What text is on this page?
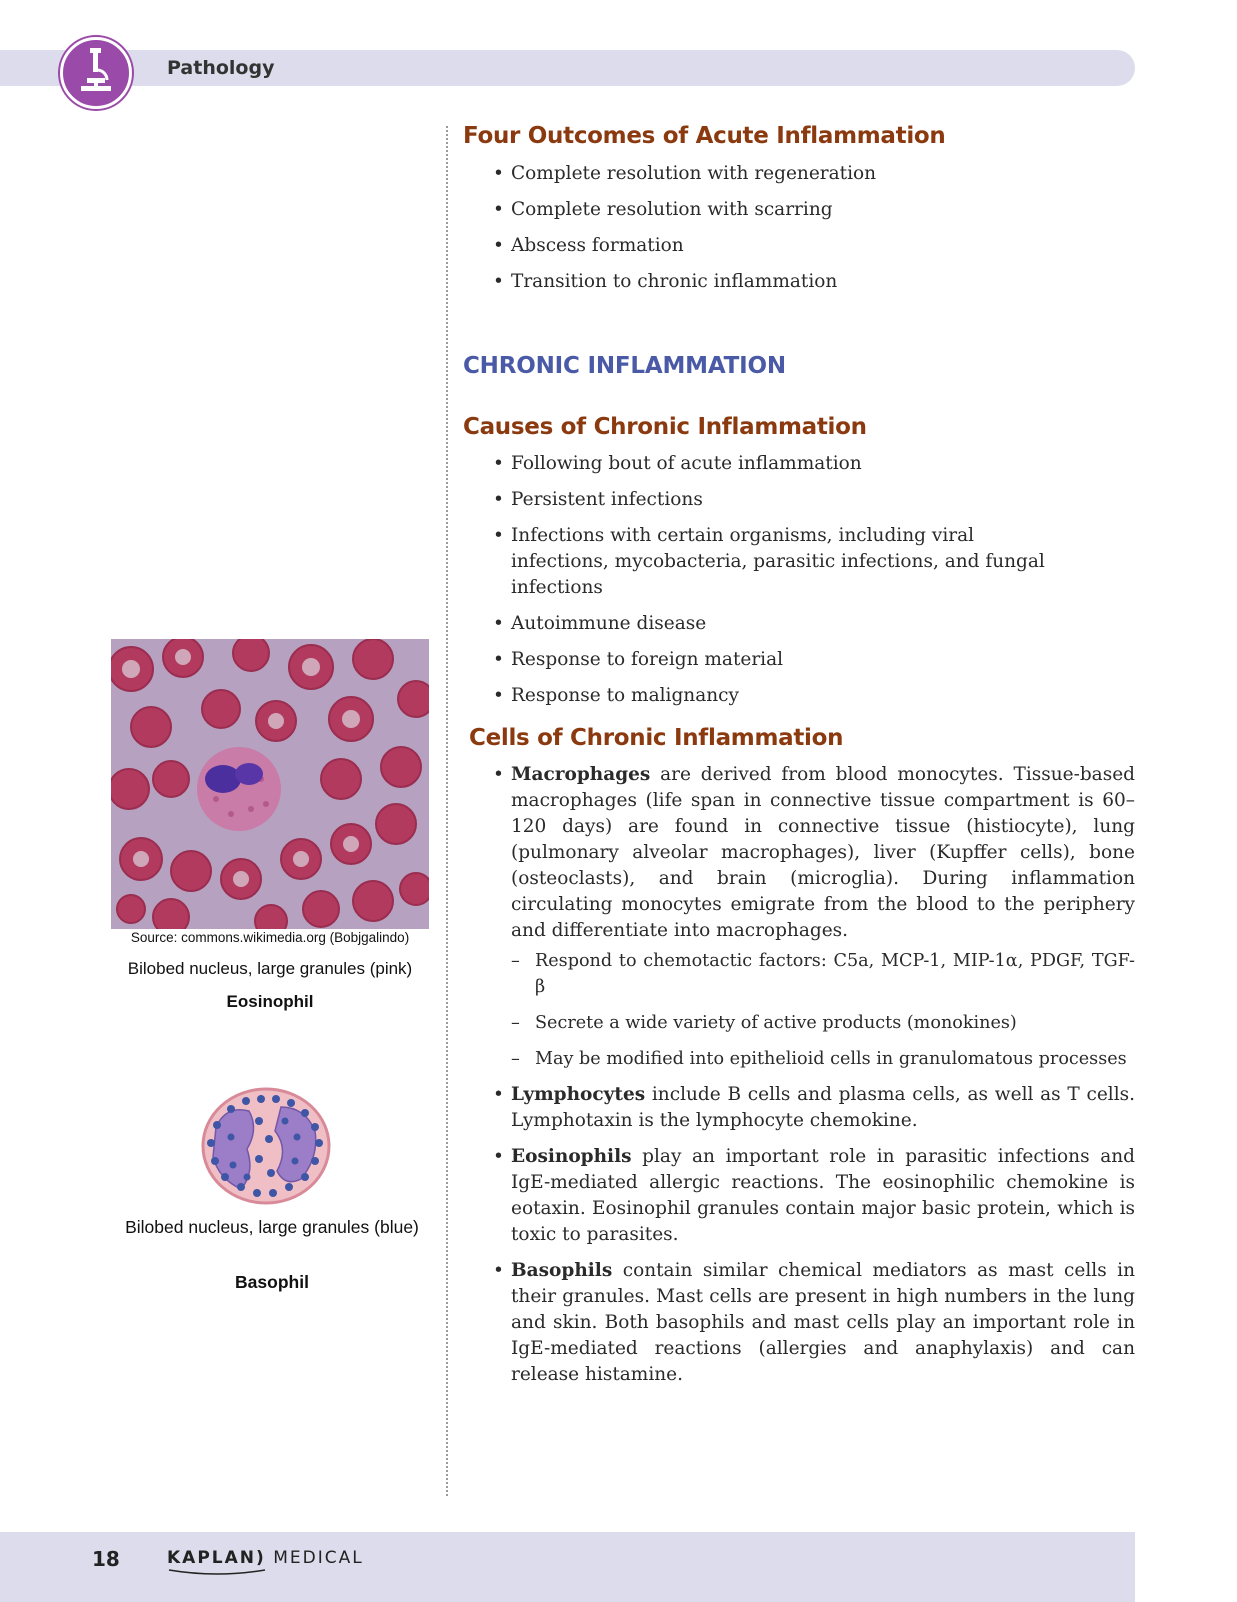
Pathology
Four Outcomes of Acute Inflammation
• Complete resolution with regeneration
• Complete resolution with scarring
• Abscess formation
• Transition to chronic inflammation
CHRONIC INFLAMMATION
Causes of Chronic Inflammation
• Following bout of acute inflammation
• Persistent infections
• Infections with certain organisms, including viral infections, mycobacteria, parasitic infections, and fungal infections
• Autoimmune disease
• Response to foreign material
• Response to malignancy
Cells of Chronic Inflammation
• Macrophages are derived from blood monocytes. Tissue-based macrophages (life span in connective tissue compartment is 60–120 days) are found in connective tissue (histiocyte), lung (pulmonary alveolar macrophages), liver (Kupffer cells), bone (osteoclasts), and brain (microglia). During inflammation circulating monocytes emigrate from the blood to the periphery and differentiate into macrophages.
– Respond to chemotactic factors: C5a, MCP-1, MIP-1α, PDGF, TGF-β
– Secrete a wide variety of active products (monokines)
– May be modified into epithelioid cells in granulomatous processes
• Lymphocytes include B cells and plasma cells, as well as T cells. Lymphotaxin is the lymphocyte chemokine.
• Eosinophils play an important role in parasitic infections and IgE-mediated allergic reactions. The eosinophilic chemokine is eotaxin. Eosinophil granules contain major basic protein, which is toxic to parasites.
• Basophils contain similar chemical mediators as mast cells in their granules. Mast cells are present in high numbers in the lung and skin. Both basophils and mast cells play an important role in IgE-mediated reactions (allergies and anaphylaxis) and can release histamine.
Source: commons.wikimedia.org (Bobjgalindo)
Bilobed nucleus, large granules (pink)
Eosinophil
Bilobed nucleus, large granules (blue)
Basophil
18	KAPLAN) MEDICAL
